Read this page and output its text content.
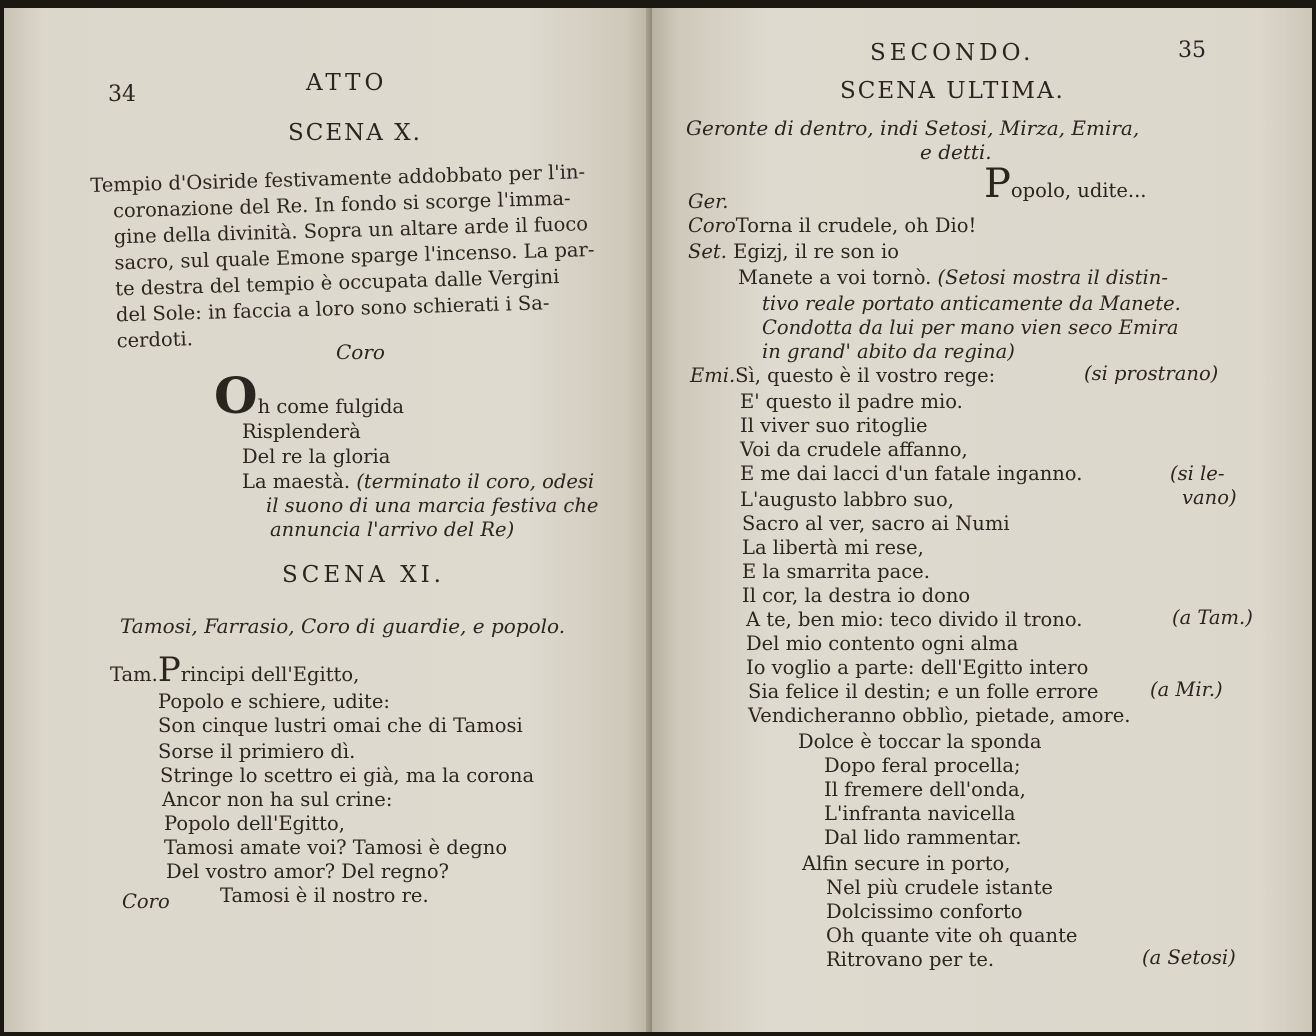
34	ATTO
SCENA X.
Tempio d'Osiride festivamente addobbato per l'in-
coronazione del Re. In fondo si scorge l'imma-
gine della divinità. Sopra un altare arde il fuoco
sacro, sul quale Emone sparge l'incenso. La par-
te destra del tempio è occupata dalle Vergini
del Sole: in faccia a loro sono schierati i Sa-
cerdoti.	Coro
Oh come fulgida
Risplenderà
Del re la gloria
La maestà. (terminato il coro, odesi
il suono di una marcia festiva che
annuncia l'arrivo del Re)
SCENA XI.
Tamosi, Farrasio, Coro di guardie, e popolo.
Tam.Principi dell'Egitto,
Popolo e schiere, udite:
Son cinque lustri omai che di Tamosi
Sorse il primiero dì.
Stringe lo scettro ei già, ma la corona
Ancor non ha sul crine:
Popolo dell'Egitto,
Tamosi amate voi? Tamosi è degno
Del vostro amor? Del regno?
Coro	Tamosi è il nostro re.
SECONDO.	35
SCENA ULTIMA.
Geronte di dentro, indi Setosi, Mirza, Emira,
e detti.
Ger.	Popolo, udite...
CoroTorna il crudele, oh Dio!
Set. Egizj, il re son io
Manete a voi tornò. (Setosi mostra il distin-
tivo reale portato anticamente da Manete.
Condotta da lui per mano vien seco Emira
in grand' abito da regina)
Emi.Sì, questo è il vostro rege:	(si prostrano)
E' questo il padre mio.
Il viver suo ritoglie
Voi da crudele affanno,
E me dai lacci d'un fatale inganno.	(si le-
L'augusto labbro suo,	vano)
Sacro al ver, sacro ai Numi
La libertà mi rese,
E la smarrita pace.
Il cor, la destra io dono
A te, ben mio: teco divido il trono.	(a Tam.)
Del mio contento ogni alma
Io voglio a parte: dell'Egitto intero
Sia felice il destin; e un folle errore	(a Mir.)
Vendicheranno obblìo, pietade, amore.
Dolce è toccar la sponda
Dopo feral procella;
Il fremere dell'onda,
L'infranta navicella
Dal lido rammentar.
Alfin secure in porto,
Nel più crudele istante
Dolcissimo conforto
Oh quante vite oh quante
Ritrovano per te.	(a Setosi)
